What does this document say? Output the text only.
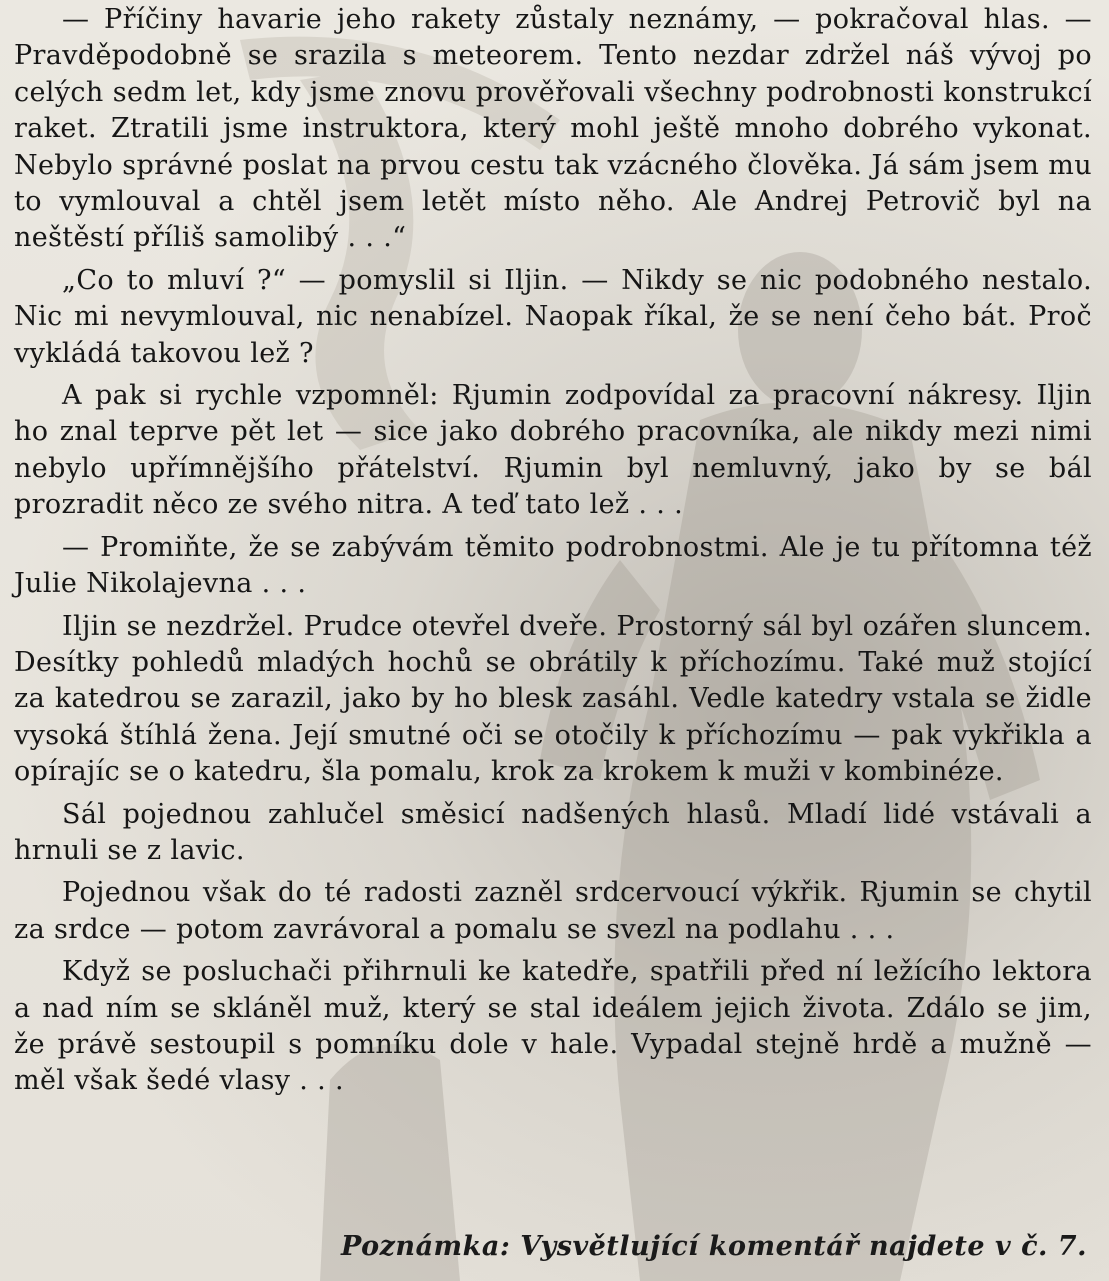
— Příčiny havarie jeho rakety zůstaly neznámy, — pokračoval hlas. — Pravděpodobně se srazila s meteorem. Tento nezdar zdržel náš vývoj po celých sedm let, kdy jsme znovu prověřovali všechny podrobnosti konstrukcí raket. Ztratili jsme instruktora, který mohl ještě mnoho dobrého vykonat. Nebylo správné poslat na prvou cestu tak vzácného člověka. Já sám jsem mu to vymlouval a chtěl jsem letět místo něho. Ale Andrej Petrovič byl na neštěstí příliš samolibý . . .“

„Co to mluví ?“ — pomyslil si Iljin. — Nikdy se nic podobného nestalo. Nic mi nevymlouval, nic nenabízel. Naopak říkal, že se není čeho bát. Proč vykládá takovou lež ?

A pak si rychle vzpomněl: Rjumin zodpovídal za pracovní nákresy. Iljin ho znal teprve pět let — sice jako dobrého pracovníka, ale nikdy mezi nimi nebylo upřímnějšího přátelství. Rjumin byl nemluvný, jako by se bál prozradit něco ze svého nitra. A teď tato lež . . .

— Promiňte, že se zabývám těmito podrobnostmi. Ale je tu přítomna též Julie Nikolajevna . . .

Iljin se nezdržel. Prudce otevřel dveře. Prostorný sál byl ozářen sluncem. Desítky pohledů mladých hochů se obrátily k příchozímu. Také muž stojící za katedrou se zarazil, jako by ho blesk zasáhl. Vedle katedry vstala se židle vysoká štíhlá žena. Její smutné oči se otočily k příchozímu — pak vykřikla a opírajíc se o katedru, šla pomalu, krok za krokem k muži v kombinéze.

Sál pojednou zahlučel směsicí nadšených hlasů. Mladí lidé vstávali a hrnuli se z lavic.

Pojednou však do té radosti zazněl srdcervoucí výkřik. Rjumin se chytil za srdce — potom zavrávoral a pomalu se svezl na podlahu . . .

Když se posluchači přihrnuli ke katedře, spatřili před ní ležícího lektora a nad ním se skláněl muž, který se stal ideálem jejich života. Zdálo se jim, že právě sestoupil s pomníku dole v hale. Vypadal stejně hrdě a mužně — měl však šedé vlasy . . .

Poznámka: Vysvětlující komentář najdete v č. 7.
